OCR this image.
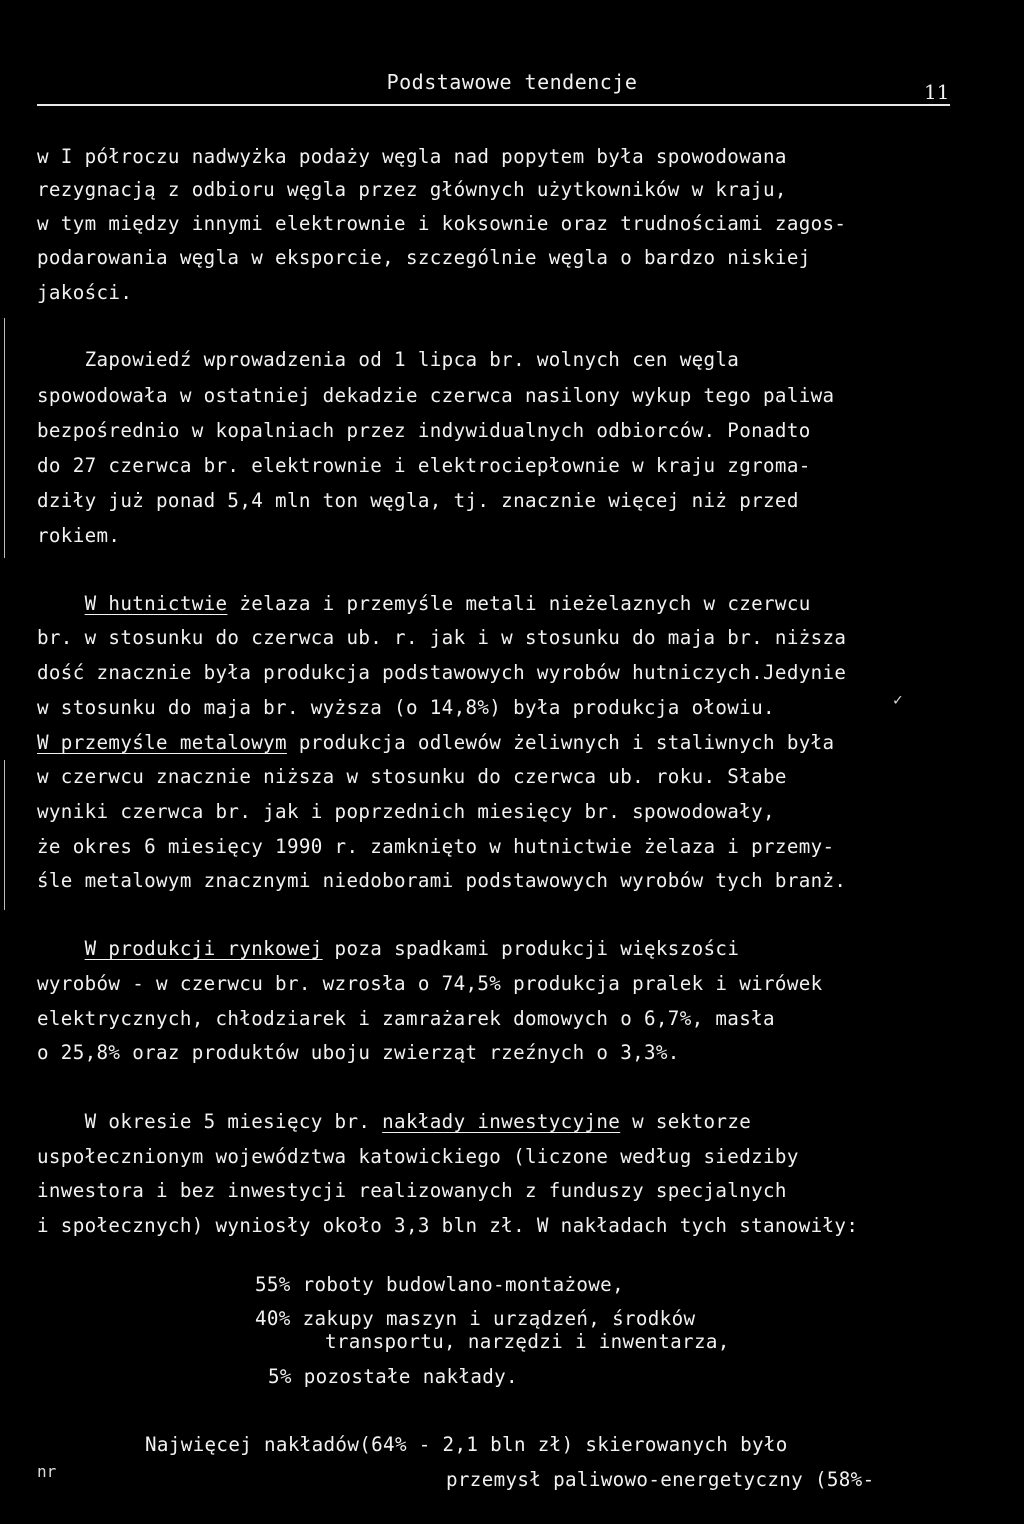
Podstawowe tendencje	11
w I półroczu nadwyżka podaży węgla nad popytem była spowodowana
rezygnacją z odbioru węgla przez głównych użytkowników w kraju,
w tym między innymi elektrownie i koksownie oraz trudnościami zagos-
podarowania węgla w eksporcie, szczególnie węgla o bardzo niskiej
jakości.
Zapowiedź wprowadzenia od 1 lipca br. wolnych cen węgla
spowodowała w ostatniej dekadzie czerwca nasilony wykup tego paliwa
bezpośrednio w kopalniach przez indywidualnych odbiorców. Ponadto
do 27 czerwca br. elektrownie i elektrociepłownie w kraju zgroma-
dziły już ponad 5,4 mln ton węgla, tj. znacznie więcej niż przed
rokiem.
W hutnictwie żelaza i przemyśle metali nieżelaznych w czerwcu
br. w stosunku do czerwca ub. r. jak i w stosunku do maja br. niższa
dość znacznie była produkcja podstawowych wyrobów hutniczych.Jedynie
w stosunku do maja br. wyższa (o 14,8%) była produkcja ołowiu.	✓
W przemyśle metalowym produkcja odlewów żeliwnych i staliwnych była
w czerwcu znacznie niższa w stosunku do czerwca ub. roku. Słabe
wyniki czerwca br. jak i poprzednich miesięcy br. spowodowały,
że okres 6 miesięcy 1990 r. zamknięto w hutnictwie żelaza i przemy-
śle metalowym znacznymi niedoborami podstawowych wyrobów tych branż.
W produkcji rynkowej poza spadkami produkcji większości
wyrobów - w czerwcu br. wzrosła o 74,5% produkcja pralek i wirówek
elektrycznych, chłodziarek i zamrażarek domowych o 6,7%, masła
o 25,8% oraz produktów uboju zwierząt rzeźnych o 3,3%.
W okresie 5 miesięcy br. nakłady inwestycyjne w sektorze
uspołecznionym województwa katowickiego (liczone według siedziby
inwestora i bez inwestycji realizowanych z funduszy specjalnych
i społecznych) wyniosły około 3,3 bln zł. W nakładach tych stanowiły:
55% roboty budowlano-montażowe,
40% zakupy maszyn i urządzeń, środków
transportu, narzędzi i inwentarza,
5% pozostałe nakłady.
Najwięcej nakładów(64% - 2,1 bln zł) skierowanych było
przemysł paliwowo-energetyczny (58%-
nr
